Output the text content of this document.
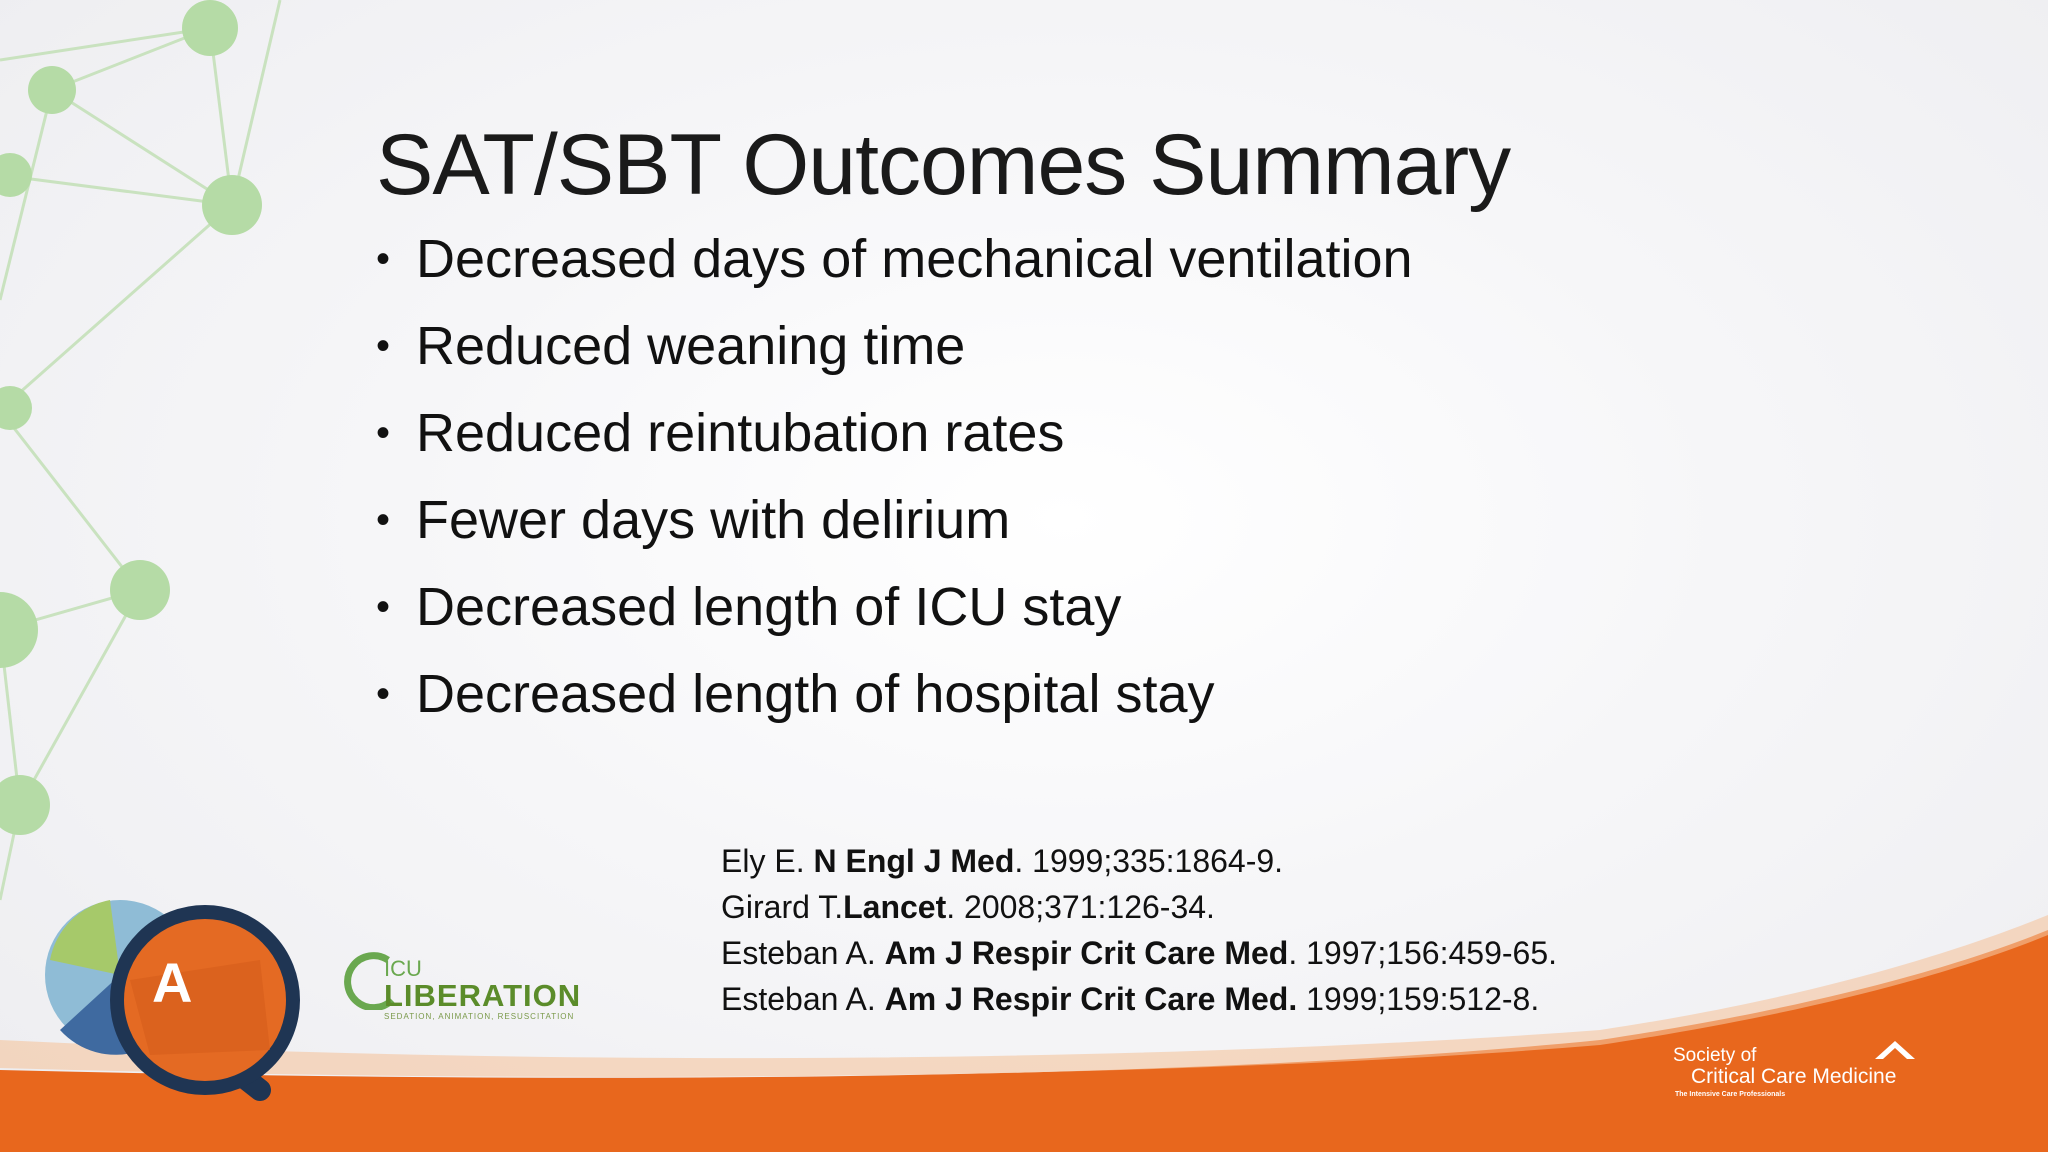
A
SAT/SBT Outcomes Summary
• Decreased days of mechanical ventilation
• Reduced weaning time
• Reduced reintubation rates
• Fewer days with delirium
• Decreased length of ICU stay
• Decreased length of hospital stay
Ely E. N Engl J Med. 1999;335:1864-9.
Girard T.Lancet. 2008;371:126-34.
Esteban A. Am J Respir Crit Care Med. 1997;156:459-65.
Esteban A. Am J Respir Crit Care Med. 1999;159:512-8.
ICU
LIBERATION
SEDATION, ANIMATION, RESUSCITATION
Society of
Critical Care Medicine
The Intensive Care Professionals
